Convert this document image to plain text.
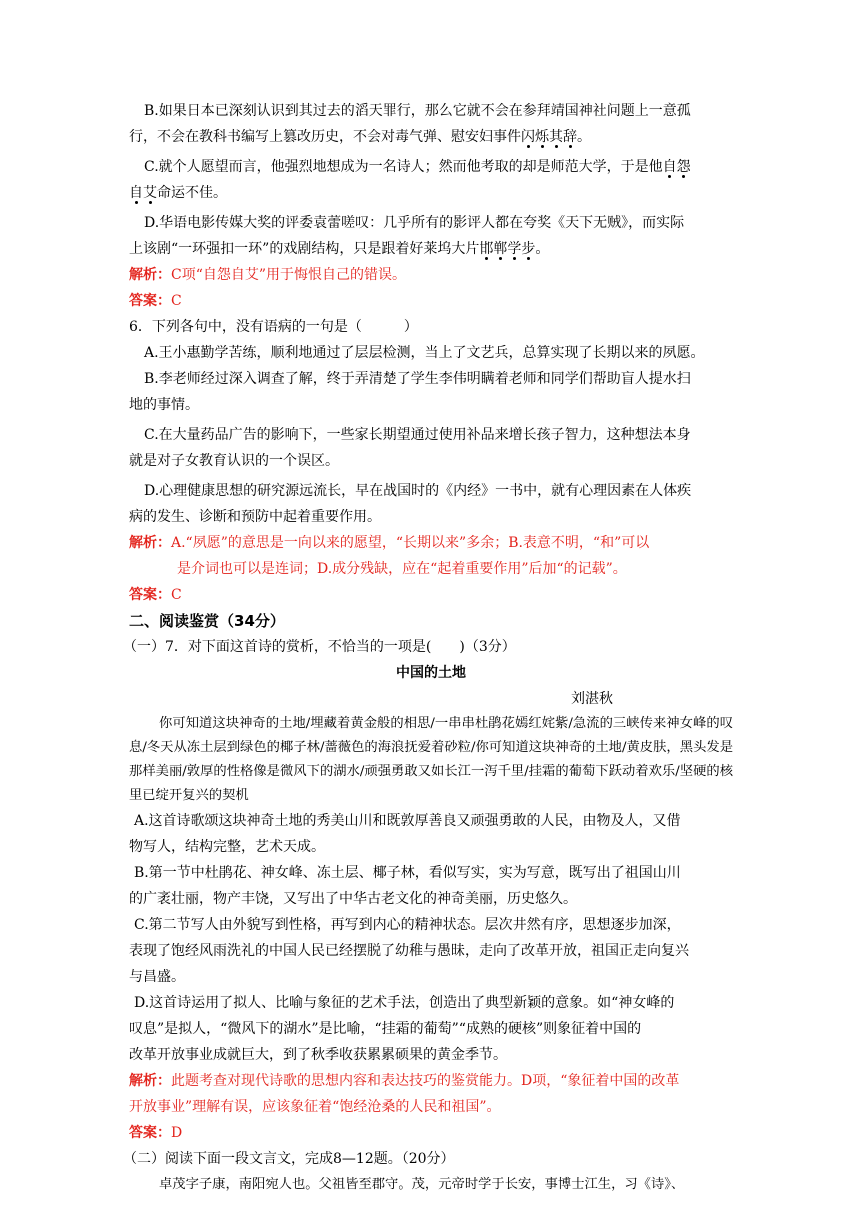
B.如果日本已深刻认识到其过去的滔天罪行，那么它就不会在参拜靖国神社问题上一意孤

行，不会在教科书编写上篡改历史，不会对毒气弹、慰安妇事件闪烁其辞。

C.就个人愿望而言，他强烈地想成为一名诗人；然而他考取的却是师范大学，于是他自怨

自艾命运不佳。

D.华语电影传媒大奖的评委袁蕾嗟叹：几乎所有的影评人都在夸奖《天下无贼》，而实际

上该剧“一环强扣一环”的戏剧结构，只是跟着好莱坞大片邯郸学步。

解析：C项“自怨自艾”用于悔恨自己的错误。

答案：C

6．下列各句中，没有语病的一句是（　　　）

A.王小惠勤学苦练，顺利地通过了层层检测，当上了文艺兵，总算实现了长期以来的夙愿。

B.李老师经过深入调查了解，终于弄清楚了学生李伟明瞒着老师和同学们帮助盲人提水扫

地的事情。

C.在大量药品广告的影响下，一些家长期望通过使用补品来增长孩子智力，这种想法本身

就是对子女教育认识的一个误区。

D.心理健康思想的研究源远流长，早在战国时的《内经》一书中，就有心理因素在人体疾

病的发生、诊断和预防中起着重要作用。

解析：A.“夙愿”的意思是一向以来的愿望，“长期以来”多余；B.表意不明，“和”可以
是介词也可以是连词；D.成分残缺，应在“起着重要作用”后加“的记载”。

答案：C

二、阅读鉴赏（34分）

（一）7．对下面这首诗的赏析，不恰当的一项是(　　)（3分）

中国的土地

刘湛秋

你可知道这块神奇的土地/埋藏着黄金般的相思/一串串杜鹃花嫣红姹紫/急流的三峡传来神女峰的叹息/冬天从冻土层到绿色的椰子林/蔷薇色的海浪抚爱着砂粒/你可知道这块神奇的土地/黄皮肤，黑头发是那样美丽/敦厚的性格像是微风下的湖水/顽强勇敢又如长江一泻千里/挂霜的葡萄下跃动着欢乐/坚硬的核里已绽开复兴的契机

A.这首诗歌颂这块神奇土地的秀美山川和既敦厚善良又顽强勇敢的人民，由物及人，又借

物写人，结构完整，艺术天成。

B.第一节中杜鹃花、神女峰、冻土层、椰子林，看似写实，实为写意，既写出了祖国山川

的广袤壮丽，物产丰饶，又写出了中华古老文化的神奇美丽，历史悠久。

C.第二节写人由外貌写到性格，再写到内心的精神状态。层次井然有序，思想逐步加深，

表现了饱经风雨洗礼的中国人民已经摆脱了幼稚与愚昧，走向了改革开放，祖国正走向复兴

与昌盛。

D.这首诗运用了拟人、比喻与象征的艺术手法，创造出了典型新颖的意象。如“神女峰的

叹息”是拟人，“微风下的湖水”是比喻，“挂霜的葡萄”“成熟的硬核”则象征着中国的

改革开放事业成就巨大，到了秋季收获累累硕果的黄金季节。

解析：此题考查对现代诗歌的思想内容和表达技巧的鉴赏能力。D项，“象征着中国的改革
开放事业”理解有误，应该象征着“饱经沧桑的人民和祖国”。

答案：D

（二）阅读下面一段文言文，完成8—12题。（20分）

卓茂字子康，南阳宛人也。父祖皆至郡守。茂，元帝时学于长安，事博士江生，习《诗》、
